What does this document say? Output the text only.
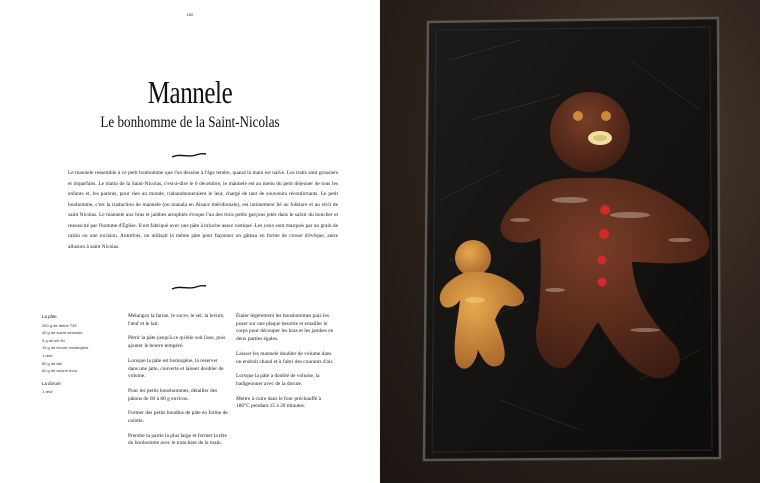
180
Mannele
Le bonhomme de la Saint-Nicolas

Le mannele ressemble à ce petit bonhomme que l'on dessine à l'âge tendre, quand la main est naïve. Les traits sont grossiers et imparfaits. Le matin de la Saint-Nicolas, c'est-à-dire le 6 décembre, le mannele est au menu du petit déjeuner de tous les enfants et, les parents, pour rien au monde, n'abandonneraient le leur, chargé de tant de souvenirs réconfortants. Le petit bonhomme, c'est la traduction de mannele (ou manala en Alsace méridionale), est intimement lié au folklore et au récit de saint Nicolas. Le mannele aux bras et jambes atrophiés évoque l'un des trois petits garçons jetés dans le saloir du boucher et ressuscité par l'homme d'Église. Il est fabriqué avec une pâte à brioche assez rustique. Les yeux sont marqués par un grain de raisin ou une incision. Autrefois, on utilisait la même pâte pour façonner un gâteau en forme de crosse d'évêque, autre allusion à saint Nicolas.

La pâte
250 g de farine T45
40 g de sucre semoule
5 g de sel fin
15 g de levure boulangère
1 œuf
80 g de lait
60 g de beurre mou
La dorure
1 œuf

Mélangez la farine, le sucre, le sel, la levure, l'œuf et le lait.

Pétrir la pâte jusqu'à ce qu'elle soit lisse, puis ajouter le beurre tempéré.

Lorsque la pâte est homogène, la réserver dans une jatte, couverte et laisser doubler de volume.

Pour les petits bonshommes, détailler des pâtons de 60 à 80 g environ.

Former des petits boudins de pâte en forme de carotte.

Prendre la partie la plus large et former la tête du bonhomme avec le tranchant de la main.

Étaler légèrement les bonshommes puis les poser sur une plaque beurrée et entailler le corps pour découper les bras et les jambes en deux parties égales.

Laisser les mannele doubler de volume dans un endroit chaud et à l'abri des courants d'air.

Lorsque la pâte a doublé de volume, la badigeonner avec de la dorure.

Mettre à cuire dans le four préchauffé à 180°C pendant 15 à 20 minutes.
